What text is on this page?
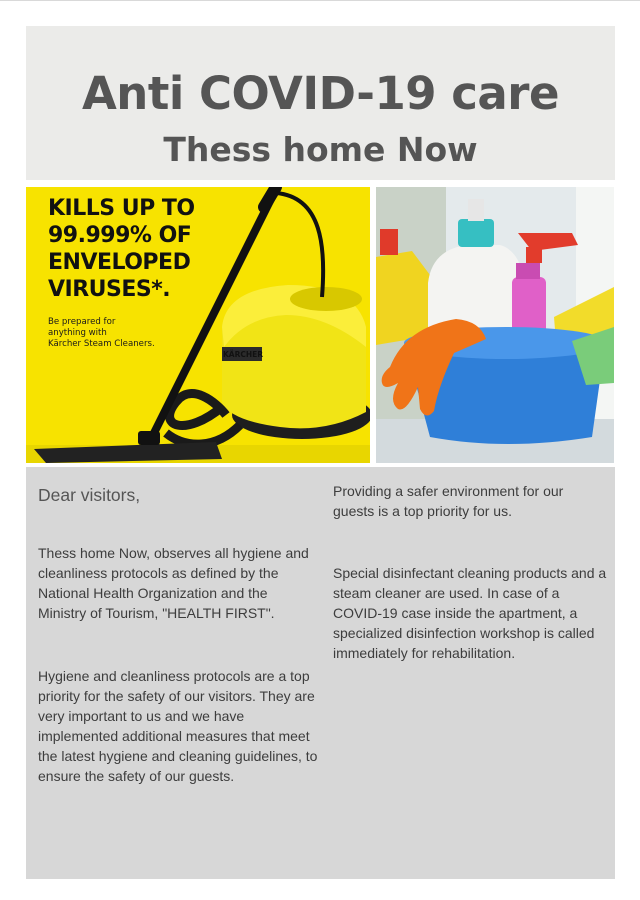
Anti COVID-19 care
Thess home Now
KILLS UP TO
99.999% OF
ENVELOPED
VIRUSES*.
Be prepared for
anything with
Kärcher Steam Cleaners.
KÄRCHER
Dear visitors,

Thess home Now, observes all hygiene and cleanliness protocols as defined by the National Health Organization and the Ministry of Tourism, "HEALTH FIRST".

Hygiene and cleanliness protocols are a top priority for the safety of our visitors. They are very important to us and we have implemented additional measures that meet the latest hygiene and cleaning guidelines, to ensure the safety of our guests.

Providing a safer environment for our guests is a top priority for us.

Special disinfectant cleaning products and a steam cleaner are used. In case of a COVID-19 case inside the apartment, a specialized disinfection workshop is called immediately for rehabilitation.
